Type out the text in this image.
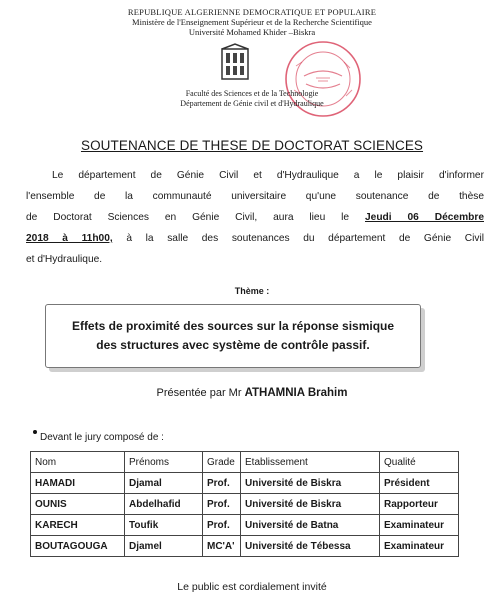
REPUBLIQUE ALGERIENNE DEMOCRATIQUE ET POPULAIRE
Ministère de l'Enseignement Supérieur et de la Recherche Scientifique
Université Mohamed Khider –Biskra
Faculté des Sciences et de la Technologie
Département de Génie civil et d'Hydraulique
SOUTENANCE DE THESE DE DOCTORAT SCIENCES

Le département de Génie Civil et d'Hydraulique a le plaisir d'informer

l'ensemble de la communauté universitaire qu'une soutenance de thèse

de Doctorat Sciences en Génie Civil, aura lieu le Jeudi 06 Décembre

2018 à 11h00, à la salle des soutenances du département de Génie Civil

et d'Hydraulique.

Thème :
Effets de proximité des sources sur la réponse sismique
des structures avec système de contrôle passif.
Présentée par Mr ATHAMNIA Brahim
Devant le jury composé de :
Nom	Prénoms	Grade	Etablissement	Qualité
HAMADI	Djamal	Prof.	Université de Biskra	Président
OUNIS	Abdelhafid	Prof.	Université de Biskra	Rapporteur
KARECH	Toufik	Prof.	Université de Batna	Examinateur
BOUTAGOUGA	Djamel	MC'A'	Université de Tébessa	Examinateur
Le public est cordialement invité
